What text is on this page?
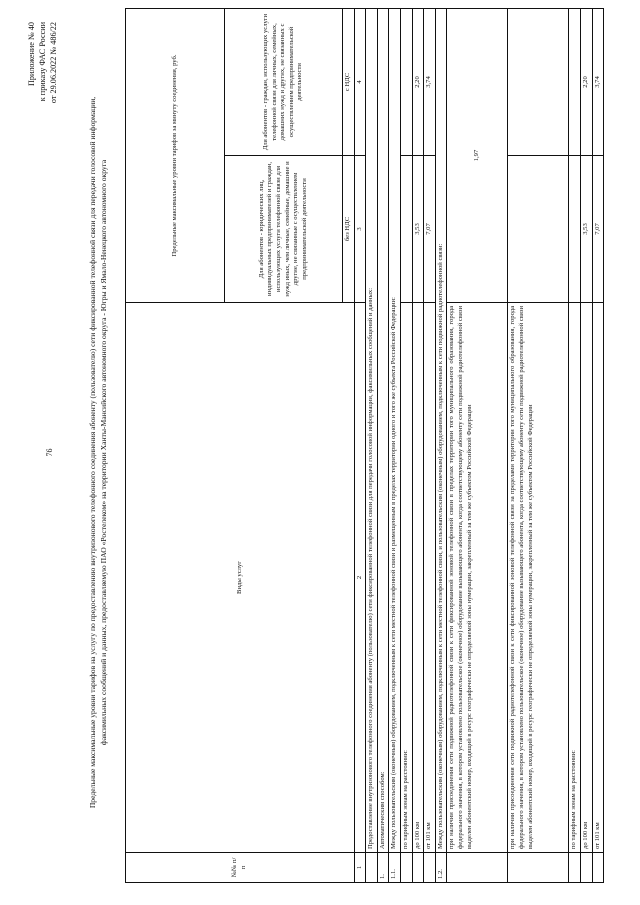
Приложение № 40 к приказу ФАС России от 29.06.2022 № 486/22
76	Предельные максимальные уровни тарифов на услугу по предоставлению внутризонового телефонного соединения абоненту (пользователю) сети фиксированной телефонной связи для передачи голосовой информации, факсимильных сообщений и данных, предоставляемую ПАО «Ростелеком» на территории Ханты-Мансийского автономного округа - Югры и Ямало-Ненецкого автономного округа
№№ п/п	Виды услуг	Предельные максимальные уровни тарифов за минуту соединения, руб.	
		Для абонентов - юридических лиц, индивидуальных предпринимателей и граждан, использующих услуги телефонной связи для нужд иных, чем личные, семейные, домашние и другие, не связанные с осуществлением предпринимательской деятельности	Для абонентов - граждан, использующих услуги телефонной связи для личных, семейных, домашних нужд и других, не связанных с осуществлением предпринимательской деятельности
		без НДС	с НДС
1	2	3	4
	Предоставление внутризонового телефонного соединения абоненту (пользователю) сети фиксированной телефонной связи для передачи голосовой информации, факсимильных сообщений и данных:		
1.	Автоматическим способом:		
1.1.	Между пользовательским (оконечным) оборудованием, подключенным к сети местной телефонной связи и размещенным в пределах территории одного и того же субъекта Российской Федерации:		
	по тарифным зонам на расстоянии:		
	до 100 км	3,53	2,20
	от 101 км	7,07	3,74
1.2.	Между пользовательским (оконечным) оборудованием, подключенным к сети местной телефонной связи, и пользовательским (оконечным) оборудованием, подключенным к сети подвижной радиотелефонной связи:		
	при наличии присоединения сети подвижной радиотелефонной связи к сети фиксированной зоновой телефонной связи в пределах территории того муниципального образования, города федерального значения, в котором установлено пользовательское (оконечное) оборудование вызывающего абонента, когда соответствующему абоненту сети подвижной радиотелефонной связи выделен абонентский номер, входящий в ресурс географически не определяемой зоны нумерации, закрепленный за тем же субъектом Российской Федерации	1,97	
	при наличии присоединения сети подвижной радиотелефонной связи к сети фиксированной зоновой телефонной связи за пределами территории того муниципального образования, города федерального значения, в котором установлено пользовательское (оконечное) оборудование вызывающего абонента, когда соответствующему абоненту сети подвижной радиотелефонной связи выделен абонентский номер, входящий в ресурс географически не определяемой зоны нумерации, закрепленный за тем же субъектом Российской Федерации		
	по тарифным зонам на расстоянии:		
	до 100 км	3,53	2,20
	от 101 км	7,07	3,74
